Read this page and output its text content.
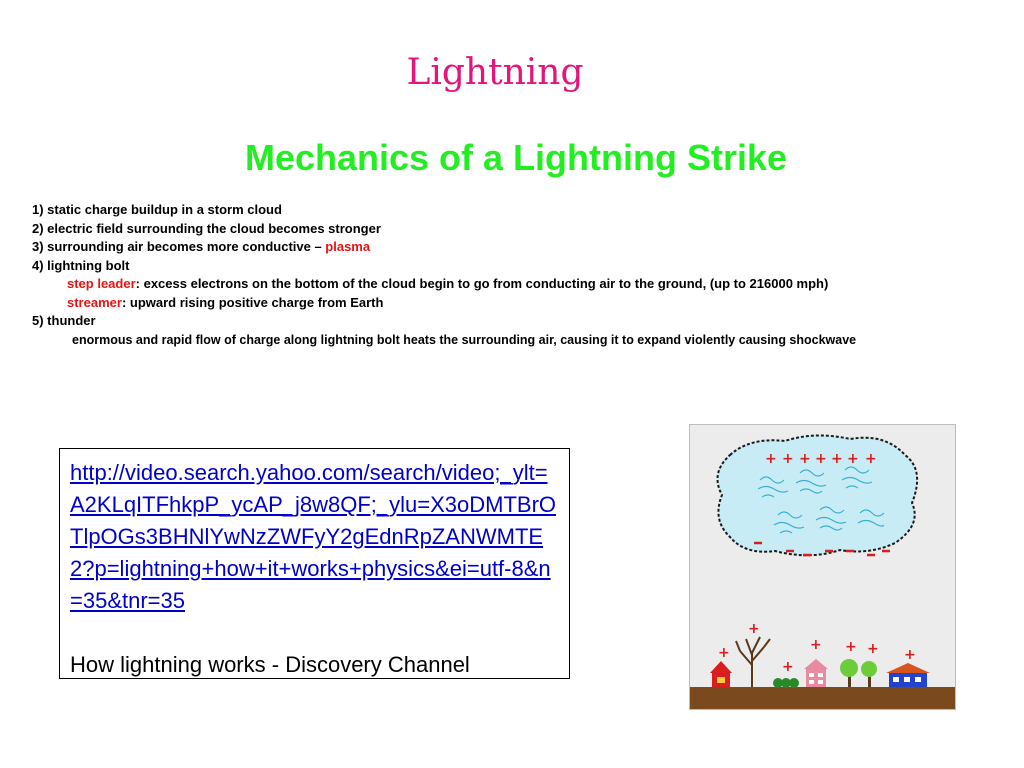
Lightning
Mechanics of a Lightning Strike
1) static charge buildup in a storm cloud
2) electric field surrounding the cloud becomes stronger
3) surrounding air becomes more conductive – plasma
4) lightning bolt
step leader: excess electrons on the bottom of the cloud begin to go from conducting air to the ground, (up to 216000 mph)
streamer: upward rising positive charge from Earth
5) thunder
enormous and rapid flow of charge along lightning bolt heats the surrounding air, causing it to expand violently causing shockwave
http://video.search.yahoo.com/search/video;_ylt=A2KLqITFhkpP_ycAP_j8w8QF;_ylu=X3oDMTBrOTlpOGs3BHNlYwNzZWFyY2gEdnRpZANWMTE2?p=lightning+how+it+works+physics&ei=utf-8&n=35&tnr=35
How lightning works - Discovery Channel
+ + + + + + +
+
+
+
+ + + +
